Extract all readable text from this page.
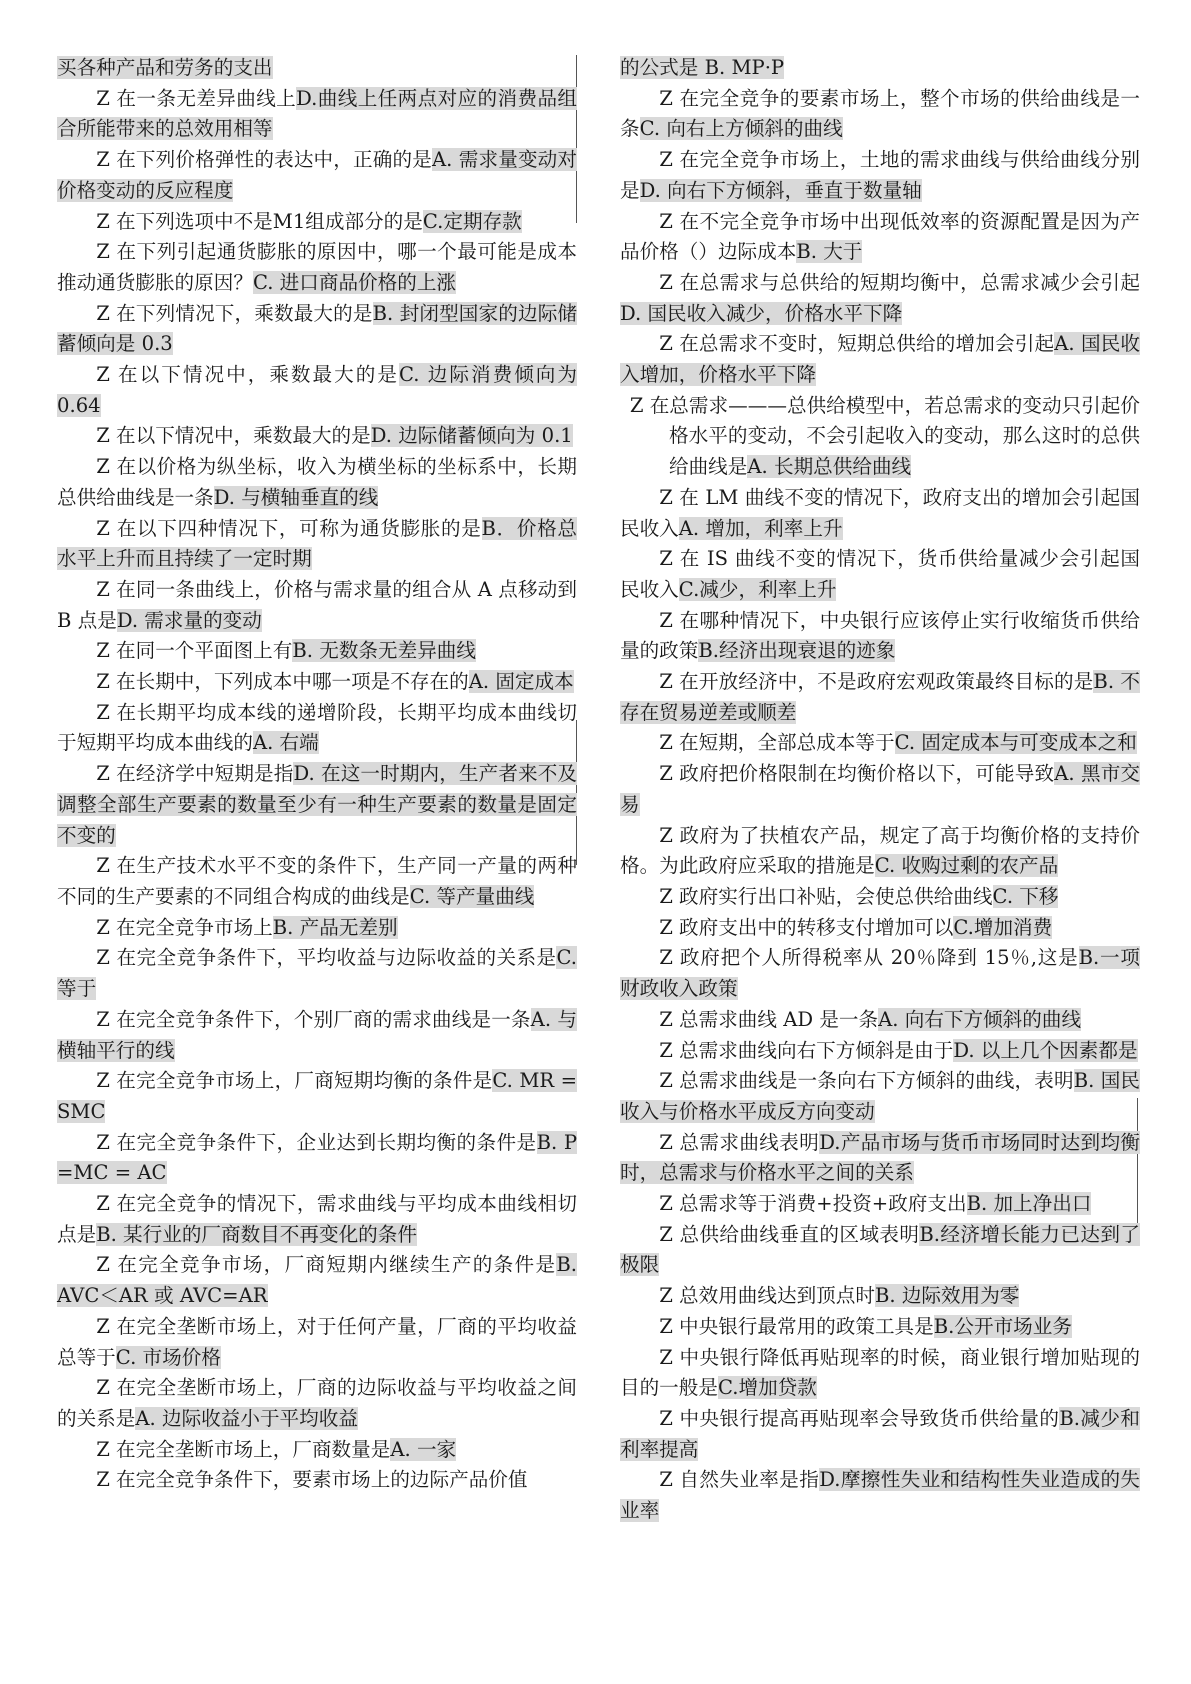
买各种产品和劳务的支出
Z 在一条无差异曲线上D.曲线上任两点对应的消费品组合所能带来的总效用相等
Z 在下列价格弹性的表达中，正确的是A. 需求量变动对价格变动的反应程度
Z 在下列选项中不是M1组成部分的是C.定期存款
Z 在下列引起通货膨胀的原因中，哪一个最可能是成本推动通货膨胀的原因？C. 进口商品价格的上涨
Z 在下列情况下，乘数最大的是B. 封闭型国家的边际储蓄倾向是 0.3
Z 在以下情况中，乘数最大的是C. 边际消费倾向为 0.64
Z 在以下情况中，乘数最大的是D. 边际储蓄倾向为 0.1
Z 在以价格为纵坐标，收入为横坐标的坐标系中，长期总供给曲线是一条D. 与横轴垂直的线
Z 在以下四种情况下，可称为通货膨胀的是B．价格总水平上升而且持续了一定时期
Z 在同一条曲线上，价格与需求量的组合从 A 点移动到 B 点是D. 需求量的变动
Z 在同一个平面图上有B. 无数条无差异曲线
Z 在长期中，下列成本中哪一项是不存在的A. 固定成本
Z 在长期平均成本线的递增阶段，长期平均成本曲线切于短期平均成本曲线的A. 右端
Z 在经济学中短期是指D. 在这一时期内，生产者来不及调整全部生产要素的数量至少有一种生产要素的数量是固定不变的
Z 在生产技术水平不变的条件下，生产同一产量的两种不同的生产要素的不同组合构成的曲线是C. 等产量曲线
Z 在完全竞争市场上B. 产品无差别
Z 在完全竞争条件下，平均收益与边际收益的关系是C. 等于
Z 在完全竞争条件下，个别厂商的需求曲线是一条A. 与横轴平行的线
Z 在完全竞争市场上，厂商短期均衡的条件是C. MR = SMC
Z 在完全竞争条件下，企业达到长期均衡的条件是B. P =MC = AC
Z 在完全竞争的情况下，需求曲线与平均成本曲线相切点是B. 某行业的厂商数目不再变化的条件
Z 在完全竞争市场，厂商短期内继续生产的条件是B. AVC＜AR 或 AVC=AR
Z 在完全垄断市场上，对于任何产量，厂商的平均收益总等于C. 市场价格
Z 在完全垄断市场上，厂商的边际收益与平均收益之间的关系是A. 边际收益小于平均收益
Z 在完全垄断市场上，厂商数量是A. 一家
Z 在完全竞争条件下，要素市场上的边际产品价值
的公式是 B. MP·P
Z 在完全竞争的要素市场上，整个市场的供给曲线是一条C. 向右上方倾斜的曲线
Z 在完全竞争市场上，土地的需求曲线与供给曲线分别是D. 向右下方倾斜，垂直于数量轴
Z 在不完全竞争市场中出现低效率的资源配置是因为产品价格（）边际成本B. 大于
Z 在总需求与总供给的短期均衡中，总需求减少会引起D. 国民收入减少，价格水平下降
Z 在总需求不变时，短期总供给的增加会引起A. 国民收入增加，价格水平下降
Z 在总需求———总供给模型中，若总需求的变动只引起价格水平的变动，不会引起收入的变动，那么这时的总供给曲线是A. 长期总供给曲线
Z 在 LM 曲线不变的情况下，政府支出的增加会引起国民收入A. 增加，利率上升
Z 在 IS 曲线不变的情况下，货币供给量减少会引起国民收入C.减少，利率上升
Z 在哪种情况下，中央银行应该停止实行收缩货币供给量的政策B.经济出现衰退的迹象
Z 在开放经济中，不是政府宏观政策最终目标的是B. 不存在贸易逆差或顺差
Z 在短期，全部总成本等于C. 固定成本与可变成本之和
Z 政府把价格限制在均衡价格以下，可能导致A. 黑市交易
Z 政府为了扶植农产品，规定了高于均衡价格的支持价格。为此政府应采取的措施是C. 收购过剩的农产品
Z 政府实行出口补贴，会使总供给曲线C. 下移
Z 政府支出中的转移支付增加可以C.增加消费
Z 政府把个人所得税率从 20％降到 15％,这是B.一项财政收入政策
Z 总需求曲线 AD 是一条A. 向右下方倾斜的曲线
Z 总需求曲线向右下方倾斜是由于D. 以上几个因素都是
Z 总需求曲线是一条向右下方倾斜的曲线，表明B. 国民收入与价格水平成反方向变动
Z 总需求曲线表明D.产品市场与货币市场同时达到均衡时，总需求与价格水平之间的关系
Z 总需求等于消费+投资+政府支出B. 加上净出口
Z 总供给曲线垂直的区域表明B.经济增长能力已达到了极限
Z 总效用曲线达到顶点时B. 边际效用为零
Z 中央银行最常用的政策工具是B.公开市场业务
Z 中央银行降低再贴现率的时候，商业银行增加贴现的目的一般是C.增加贷款
Z 中央银行提高再贴现率会导致货币供给量的B.减少和利率提高
Z 自然失业率是指D.摩擦性失业和结构性失业造成的失业率
